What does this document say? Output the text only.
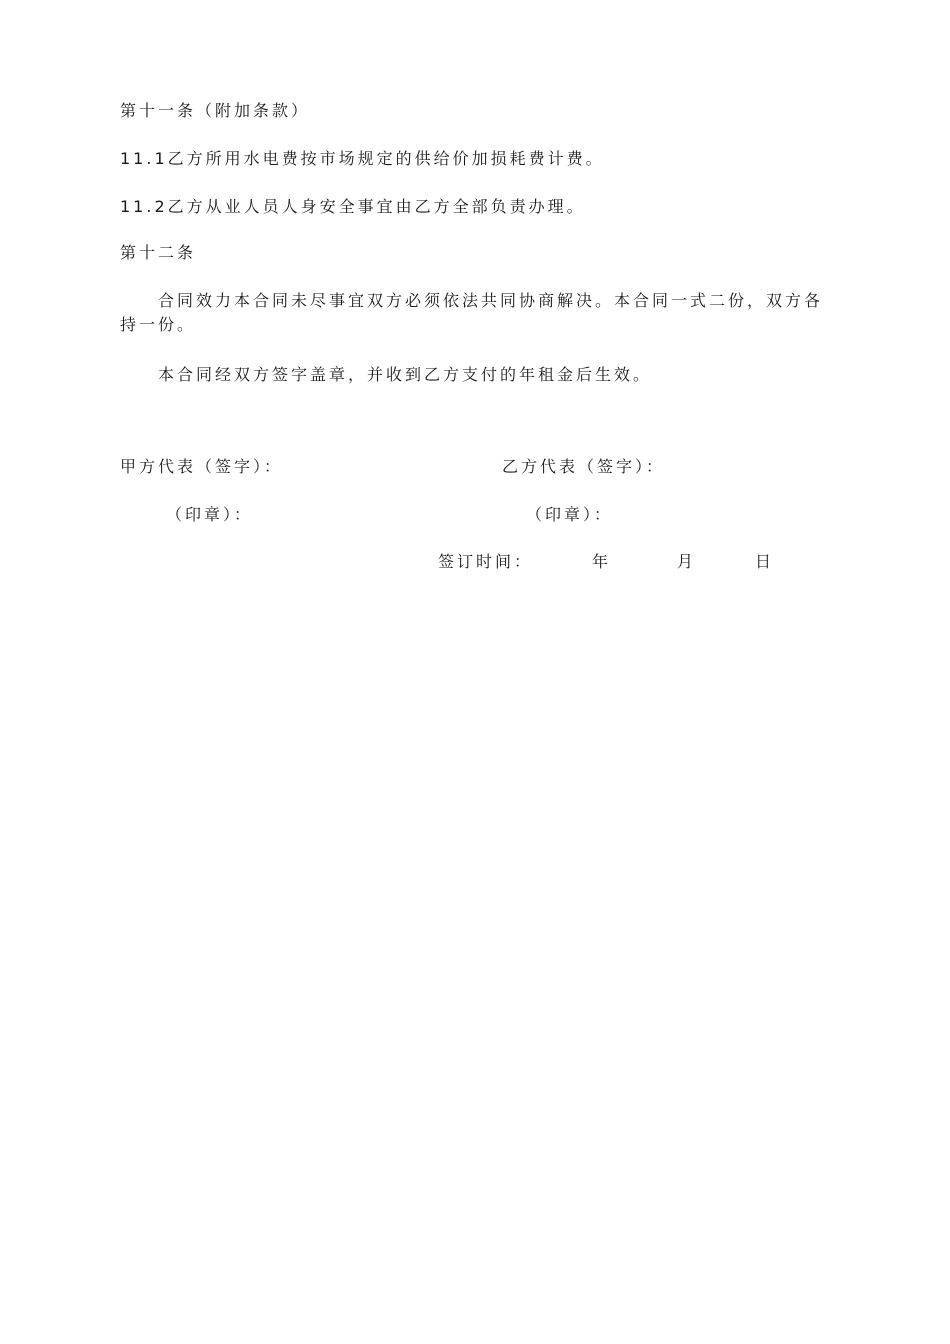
第十一条（附加条款）
11.1乙方所用水电费按市场规定的供给价加损耗费计费。
11.2乙方从业人员人身安全事宜由乙方全部负责办理。
第十二条
合同效力本合同未尽事宜双方必须依法共同协商解决。本合同一式二份，双方各持一份。
本合同经双方签字盖章，并收到乙方支付的年租金后生效。
甲方代表（签字）：	乙方代表（签字）：
（印章）：	（印章）：
签订时间：	年	月	日
